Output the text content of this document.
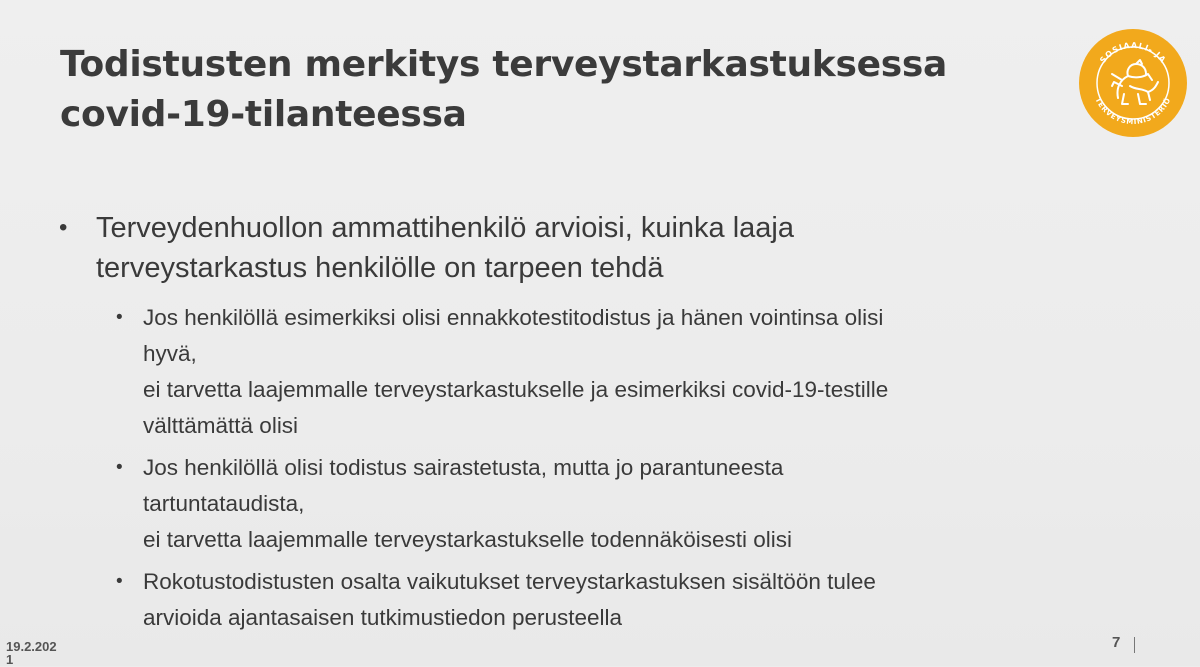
Todistusten merkitys terveystarkastuksessa
covid-19-tilanteessa
SOSIAALI- JA
TERVEYSMINISTERIÖ
• Terveydenhuollon ammattihenkilö arvioisi, kuinka laaja
terveystarkastus henkilölle on tarpeen tehdä
• Jos henkilöllä esimerkiksi olisi ennakkotestitodistus ja hänen vointinsa olisi
hyvä,
ei tarvetta laajemmalle terveystarkastukselle ja esimerkiksi covid-19-testille
välttämättä olisi
• Jos henkilöllä olisi todistus sairastetusta, mutta jo parantuneesta
tartuntataudista,
ei tarvetta laajemmalle terveystarkastukselle todennäköisesti olisi
• Rokotustodistusten osalta vaikutukset terveystarkastuksen sisältöön tulee
arvioida ajantasaisen tutkimustiedon perusteella
19.2.202
1
7
